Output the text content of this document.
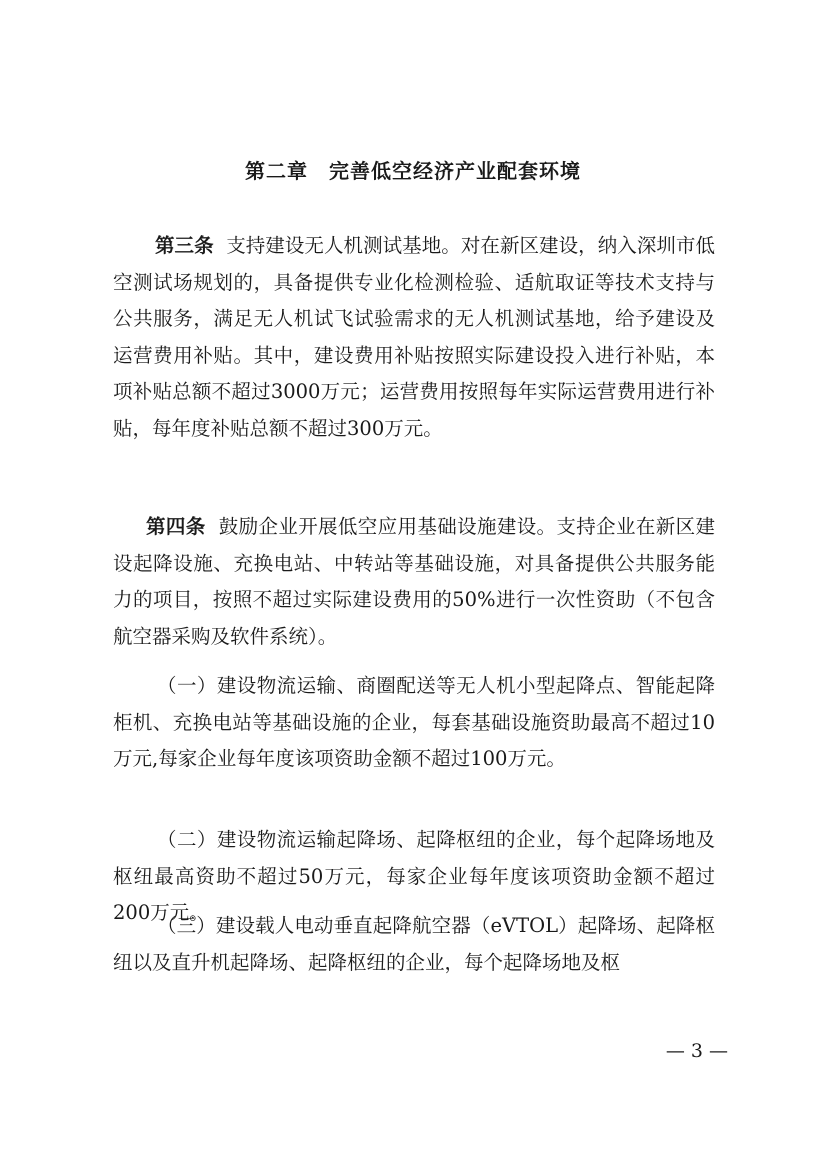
第二章　完善低空经济产业配套环境

第三条 支持建设无人机测试基地。对在新区建设，纳入深圳市低空测试场规划的，具备提供专业化检测检验、适航取证等技术支持与公共服务，满足无人机试飞试验需求的无人机测试基地，给予建设及运营费用补贴。其中，建设费用补贴按照实际建设投入进行补贴，本项补贴总额不超过3000万元；运营费用按照每年实际运营费用进行补贴，每年度补贴总额不超过300万元。

第四条 鼓励企业开展低空应用基础设施建设。支持企业在新区建设起降设施、充换电站、中转站等基础设施，对具备提供公共服务能力的项目，按照不超过实际建设费用的50%进行一次性资助（不包含航空器采购及软件系统）。

（一）建设物流运输、商圈配送等无人机小型起降点、智能起降柜机、充换电站等基础设施的企业，每套基础设施资助最高不超过10万元,每家企业每年度该项资助金额不超过100万元。

（二）建设物流运输起降场、起降枢纽的企业，每个起降场地及枢纽最高资助不超过50万元，每家企业每年度该项资助金额不超过200万元。

（三）建设载人电动垂直起降航空器（eVTOL）起降场、起降枢纽以及直升机起降场、起降枢纽的企业，每个起降场地及枢

— 3 —
